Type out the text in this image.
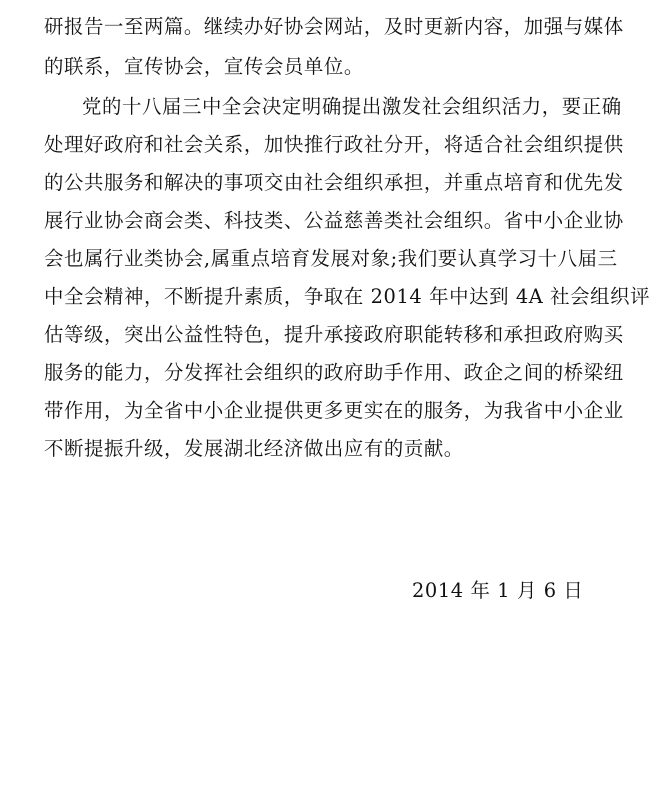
研报告一至两篇。继续办好协会网站，及时更新内容，加强与媒体
的联系，宣传协会，宣传会员单位。
党的十八届三中全会决定明确提出激发社会组织活力，要正确
处理好政府和社会关系，加快推行政社分开，将适合社会组织提供
的公共服务和解决的事项交由社会组织承担，并重点培育和优先发
展行业协会商会类、科技类、公益慈善类社会组织。省中小企业协
会也属行业类协会,属重点培育发展对象;我们要认真学习十八届三
中全会精神，不断提升素质，争取在 2014 年中达到 4A 社会组织评
估等级，突出公益性特色，提升承接政府职能转移和承担政府购买
服务的能力，分发挥社会组织的政府助手作用、政企之间的桥梁纽
带作用，为全省中小企业提供更多更实在的服务，为我省中小企业
不断提振升级，发展湖北经济做出应有的贡献。
2014 年 1 月 6 日
